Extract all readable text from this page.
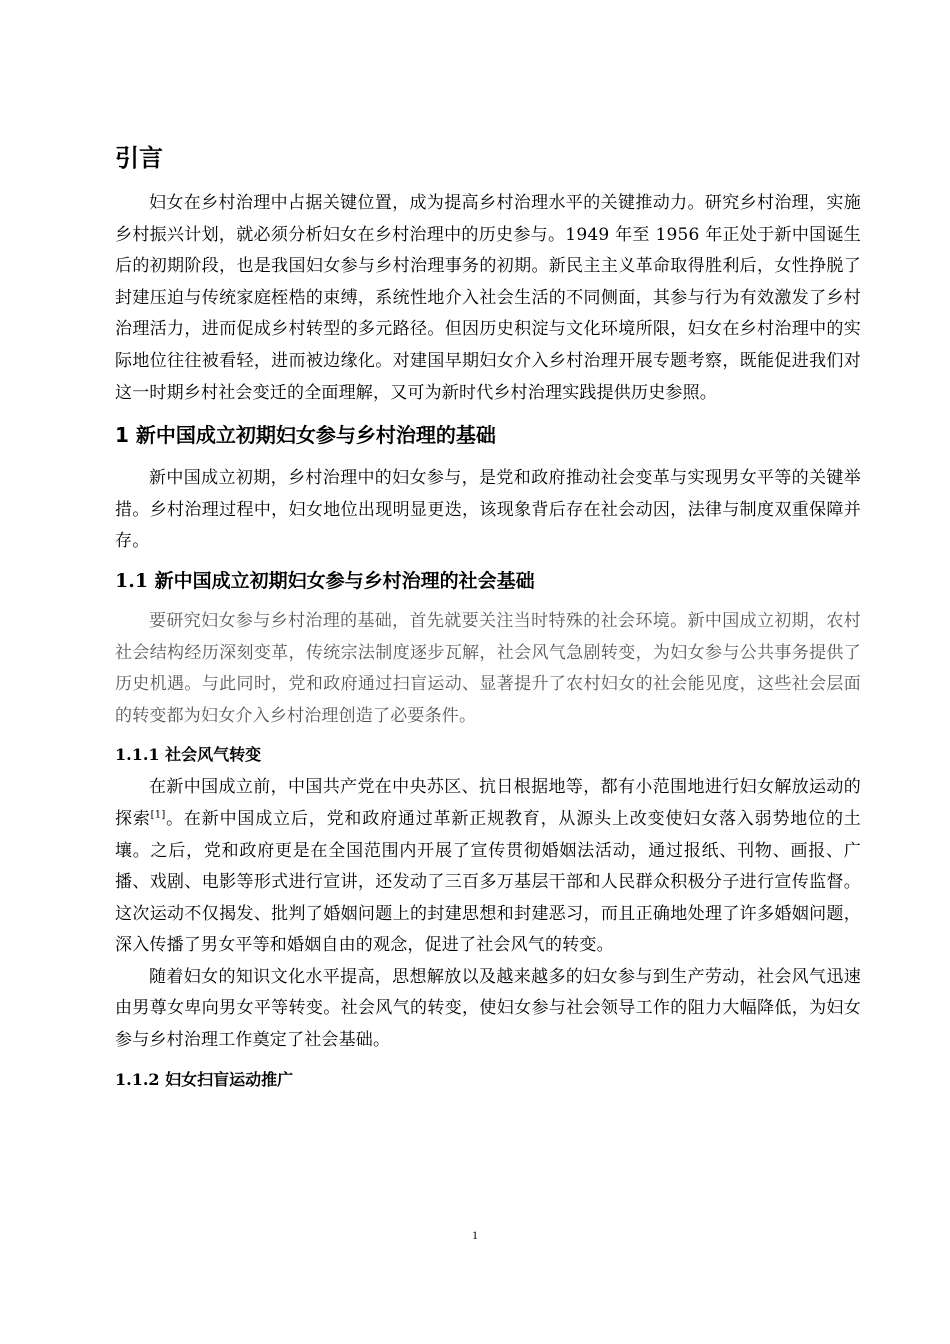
引言

妇女在乡村治理中占据关键位置，成为提高乡村治理水平的关键推动力。研究乡村治理，实施乡村振兴计划，就必须分析妇女在乡村治理中的历史参与。1949 年至 1956 年正处于新中国诞生后的初期阶段，也是我国妇女参与乡村治理事务的初期。新民主主义革命取得胜利后，女性挣脱了封建压迫与传统家庭桎梏的束缚，系统性地介入社会生活的不同侧面，其参与行为有效激发了乡村治理活力，进而促成乡村转型的多元路径。但因历史积淀与文化环境所限，妇女在乡村治理中的实际地位往往被看轻，进而被边缘化。对建国早期妇女介入乡村治理开展专题考察，既能促进我们对这一时期乡村社会变迁的全面理解，又可为新时代乡村治理实践提供历史参照。

1 新中国成立初期妇女参与乡村治理的基础

新中国成立初期，乡村治理中的妇女参与，是党和政府推动社会变革与实现男女平等的关键举措。乡村治理过程中，妇女地位出现明显更迭，该现象背后存在社会动因，法律与制度双重保障并存。

1.1 新中国成立初期妇女参与乡村治理的社会基础

要研究妇女参与乡村治理的基础，首先就要关注当时特殊的社会环境。新中国成立初期，农村社会结构经历深刻变革，传统宗法制度逐步瓦解，社会风气急剧转变，为妇女参与公共事务提供了历史机遇。与此同时，党和政府通过扫盲运动、显著提升了农村妇女的社会能见度，这些社会层面的转变都为妇女介入乡村治理创造了必要条件。

1.1.1 社会风气转变

在新中国成立前，中国共产党在中央苏区、抗日根据地等，都有小范围地进行妇女解放运动的探索[1]。在新中国成立后，党和政府通过革新正规教育，从源头上改变使妇女落入弱势地位的土壤。之后，党和政府更是在全国范围内开展了宣传贯彻婚姻法活动，通过报纸、刊物、画报、广播、戏剧、电影等形式进行宣讲，还发动了三百多万基层干部和人民群众积极分子进行宣传监督。这次运动不仅揭发、批判了婚姻问题上的封建思想和封建恶习，而且正确地处理了许多婚姻问题，深入传播了男女平等和婚姻自由的观念，促进了社会风气的转变。

随着妇女的知识文化水平提高，思想解放以及越来越多的妇女参与到生产劳动，社会风气迅速由男尊女卑向男女平等转变。社会风气的转变，使妇女参与社会领导工作的阻力大幅降低，为妇女参与乡村治理工作奠定了社会基础。

1.1.2 妇女扫盲运动推广
1
